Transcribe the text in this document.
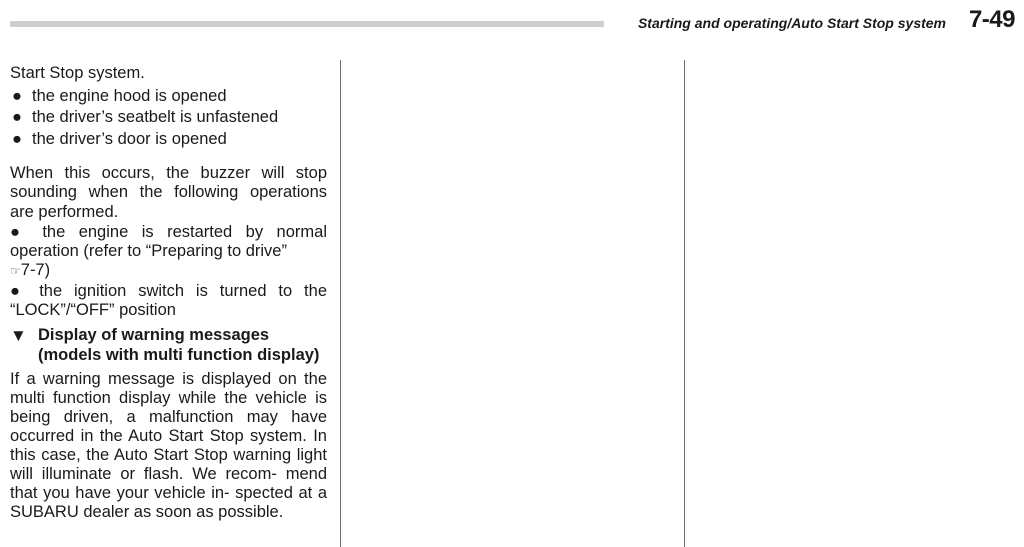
Starting and operating/Auto Start Stop system 7-49

Start Stop system.

● the engine hood is opened
● the driver’s seatbelt is unfastened
● the driver’s door is opened

When this occurs, the buzzer will stop sounding when the following operations are performed.

● the engine is restarted by normal operation (refer to “Preparing to drive”
☞7-7)

● the ignition switch is turned to the “LOCK”/“OFF” position

▼ Display of warning messages
(models with multi function display)

If a warning message is displayed on the multi function display while the vehicle is being driven, a malfunction may have occurred in the Auto Start Stop system. In this case, the Auto Start Stop warning light will illuminate or flash. We recom- mend that you have your vehicle in- spected at a SUBARU dealer as soon as possible.
